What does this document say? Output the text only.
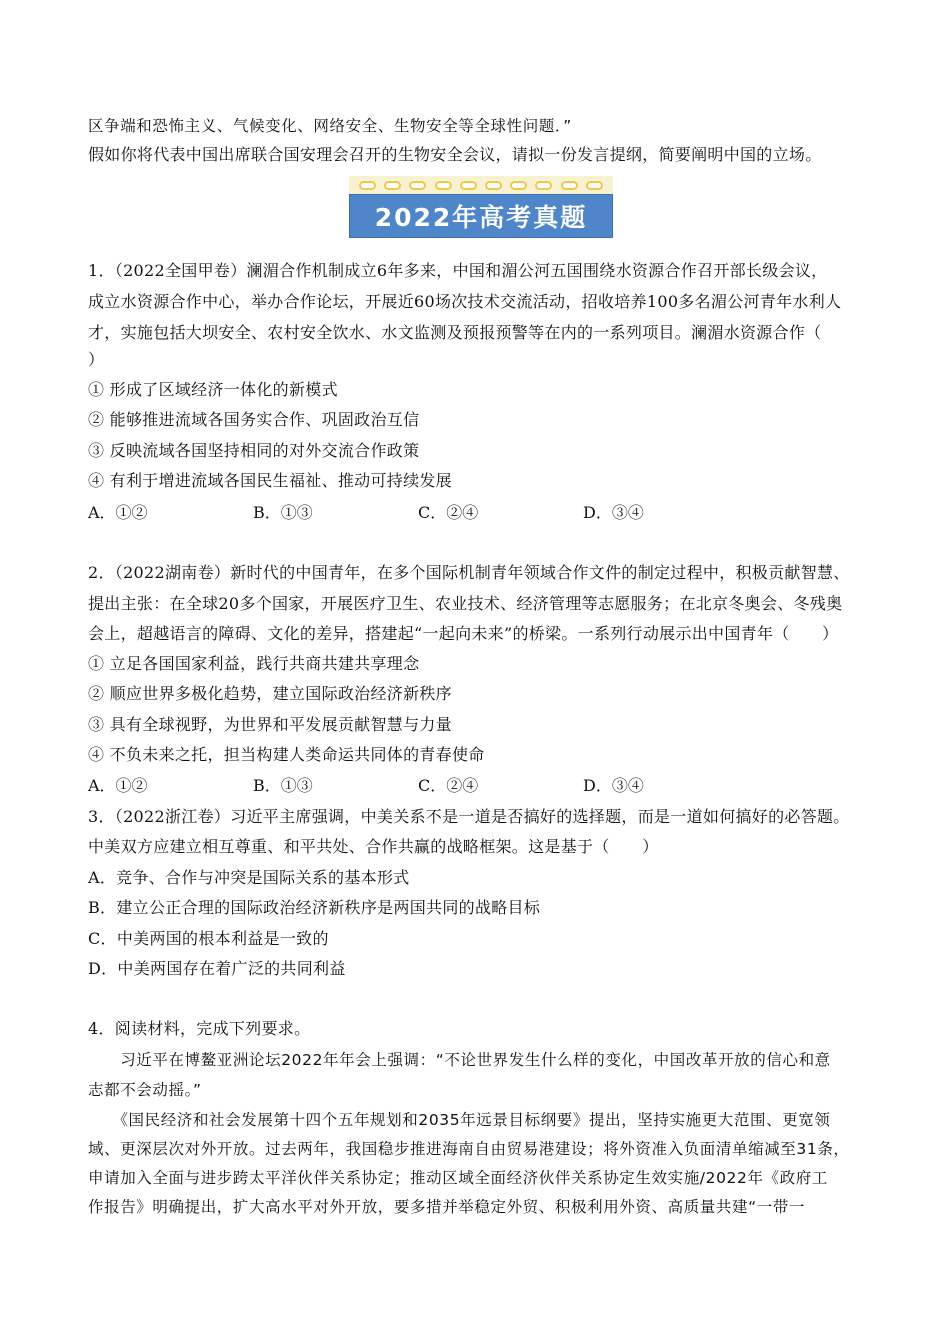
区争端和恐怖主义、气候变化、网络安全、生物安全等全球性问题．”
假如你将代表中国出席联合国安理会召开的生物安全会议，请拟一份发言提纲，简要阐明中国的立场。
2022年高考真题
1．（2022全国甲卷）澜湄合作机制成立6年多来，中国和湄公河五国围绕水资源合作召开部长级会议，
成立水资源合作中心，举办合作论坛，开展近60场次技术交流活动，招收培养100多名湄公河青年水利人
才，实施包括大坝安全、农村安全饮水、水文监测及预报预警等在内的一系列项目。澜湄水资源合作（
）
① 形成了区域经济一体化的新模式
② 能够推进流域各国务实合作、巩固政治互信
③ 反映流域各国坚持相同的对外交流合作政策
④ 有利于增进流域各国民生福祉、推动可持续发展
A．①②	B．①③	C．②④	D．③④
2．（2022湖南卷）新时代的中国青年，在多个国际机制青年领域合作文件的制定过程中，积极贡献智慧、
提出主张：在全球20多个国家，开展医疗卫生、农业技术、经济管理等志愿服务；在北京冬奥会、冬残奥
会上，超越语言的障碍、文化的差异，搭建起“一起向未来”的桥梁。一系列行动展示出中国青年（　　）
① 立足各国国家利益，践行共商共建共享理念
② 顺应世界多极化趋势，建立国际政治经济新秩序
③ 具有全球视野，为世界和平发展贡献智慧与力量
④ 不负未来之托，担当构建人类命运共同体的青春使命
A．①②	B．①③	C．②④	D．③④
3．（2022浙江卷）习近平主席强调，中美关系不是一道是否搞好的选择题，而是一道如何搞好的必答题。
中美双方应建立相互尊重、和平共处、合作共赢的战略框架。这是基于（　　）
A．竞争、合作与冲突是国际关系的基本形式
B．建立公正合理的国际政治经济新秩序是两国共同的战略目标
C．中美两国的根本利益是一致的
D．中美两国存在着广泛的共同利益
4．阅读材料，完成下列要求。
　　习近平在博鳌亚洲论坛2022年年会上强调：“不论世界发生什么样的变化，中国改革开放的信心和意
志都不会动摇。”
　　《国民经济和社会发展第十四个五年规划和2035年远景目标纲要》提出，坚持实施更大范围、更宽领
域、更深层次对外开放。过去两年，我国稳步推进海南自由贸易港建设；将外资准入负面清单缩减至31条，
申请加入全面与进步跨太平洋伙伴关系协定；推动区域全面经济伙伴关系协定生效实施/2022年《政府工
作报告》明确提出，扩大高水平对外开放，要多措并举稳定外贸、积极利用外资、高质量共建“一带一
